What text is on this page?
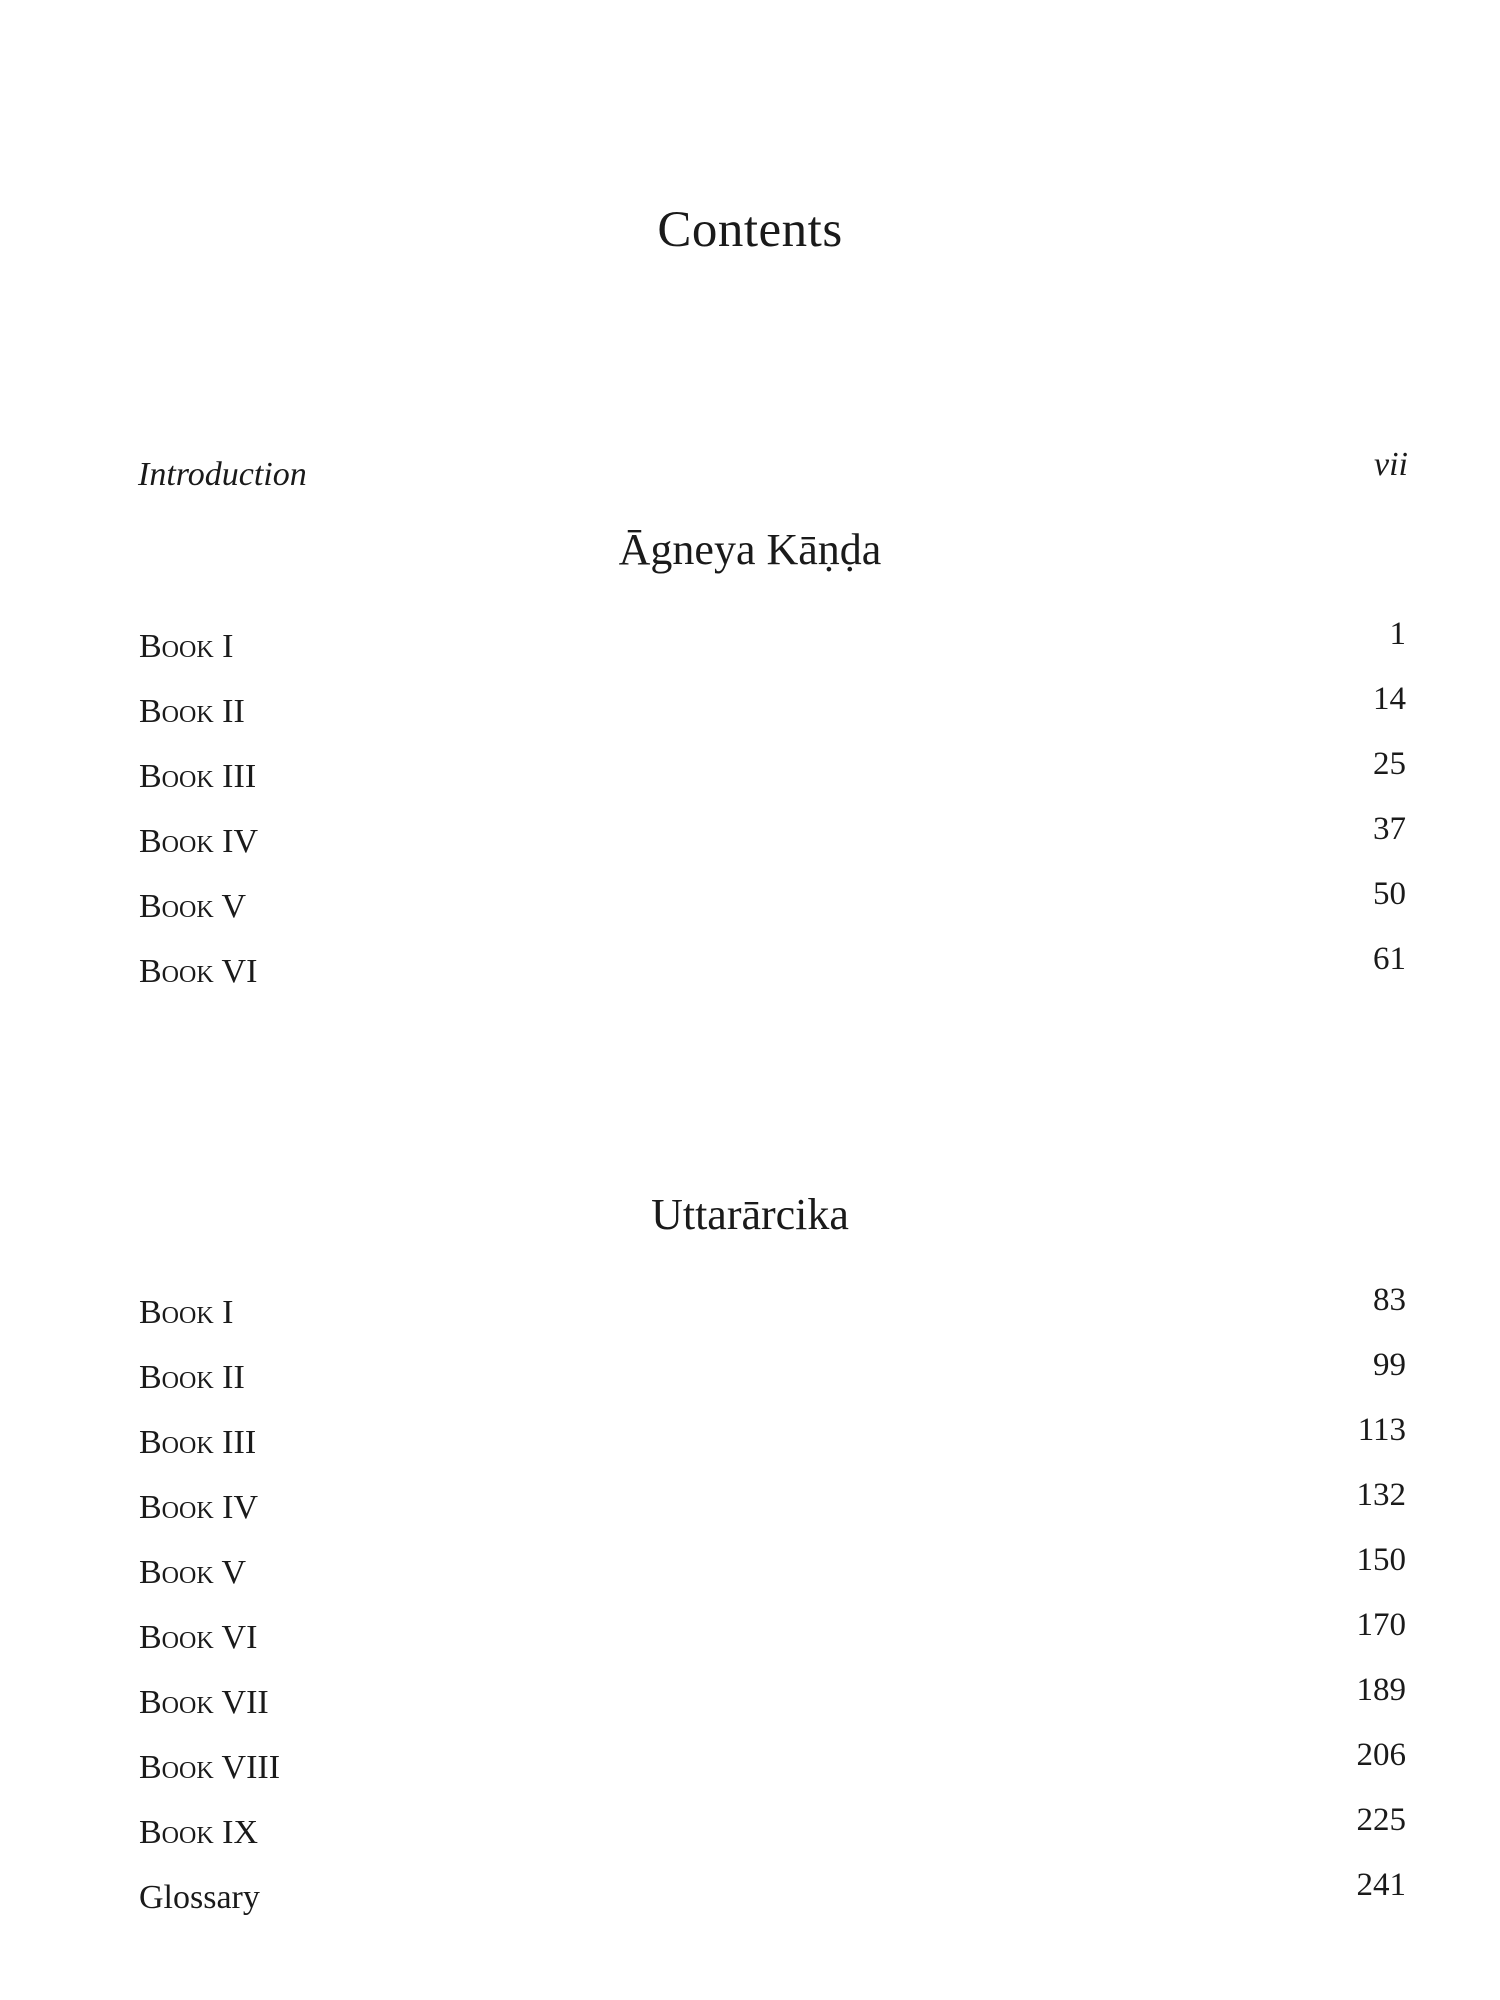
Contents
Introduction	vii
Āgneya Kāṇḍa
Book I	1
Book II	14
Book III	25
Book IV	37
Book V	50
Book VI	61
Uttarārcika
Book I	83
Book II	99
Book III	113
Book IV	132
Book V	150
Book VI	170
Book VII	189
Book VIII	206
Book IX	225
Glossary	241
